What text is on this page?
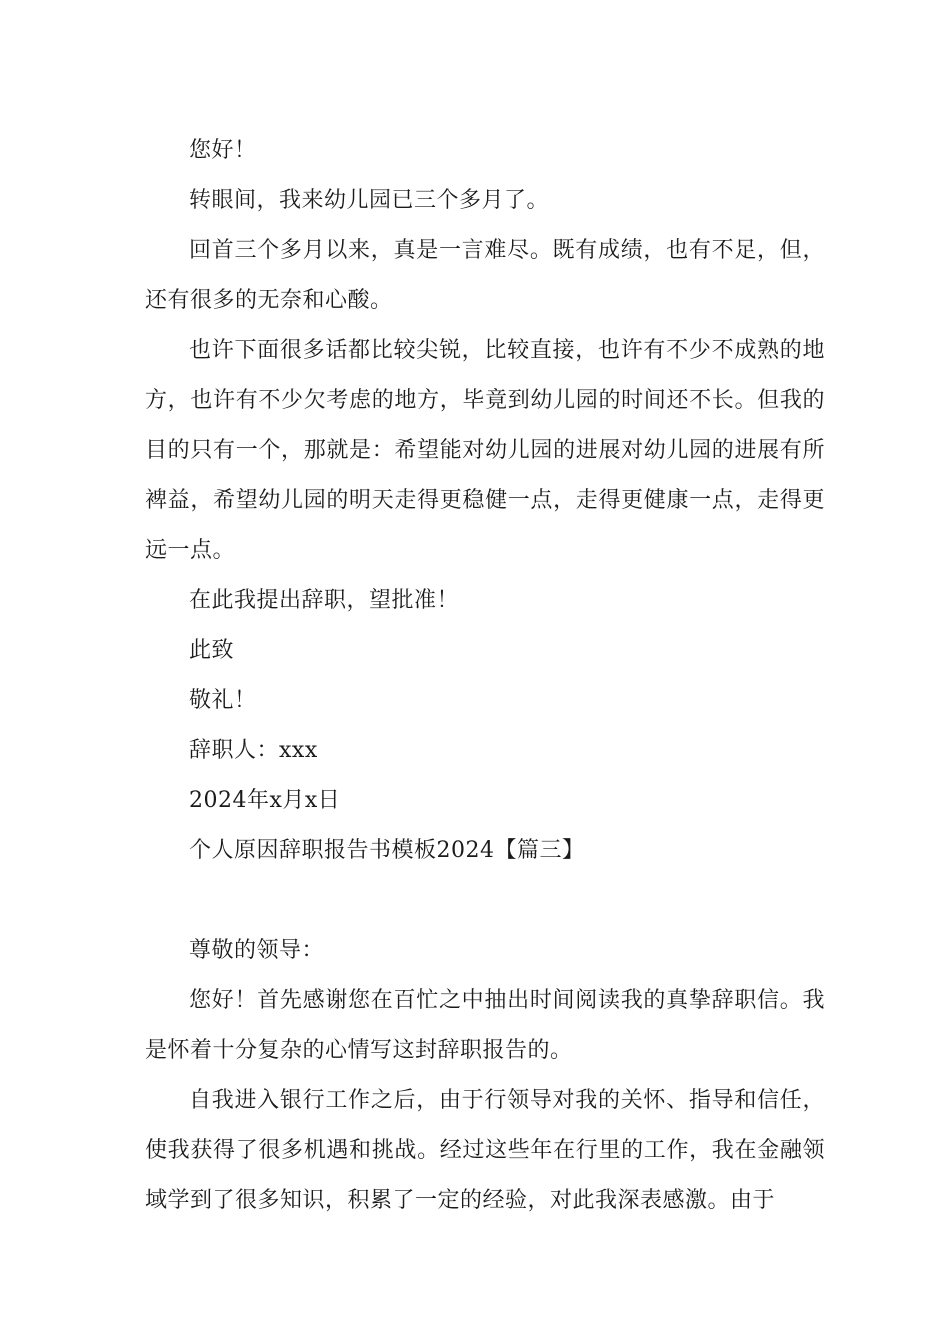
您好！

转眼间，我来幼儿园已三个多月了。

回首三个多月以来，真是一言难尽。既有成绩，也有不足，但，还有很多的无奈和心酸。

也许下面很多话都比较尖锐，比较直接，也许有不少不成熟的地方，也许有不少欠考虑的地方，毕竟到幼儿园的时间还不长。但我的目的只有一个，那就是：希望能对幼儿园的进展对幼儿园的进展有所裨益，希望幼儿园的明天走得更稳健一点，走得更健康一点，走得更远一点。

在此我提出辞职，望批准！

此致

敬礼！

辞职人：xxx

2024年x月x日

个人原因辞职报告书模板2024【篇三】

尊敬的领导：

您好！首先感谢您在百忙之中抽出时间阅读我的真挚辞职信。我是怀着十分复杂的心情写这封辞职报告的。

自我进入银行工作之后，由于行领导对我的关怀、指导和信任，使我获得了很多机遇和挑战。经过这些年在行里的工作，我在金融领域学到了很多知识，积累了一定的经验，对此我深表感激。由于
